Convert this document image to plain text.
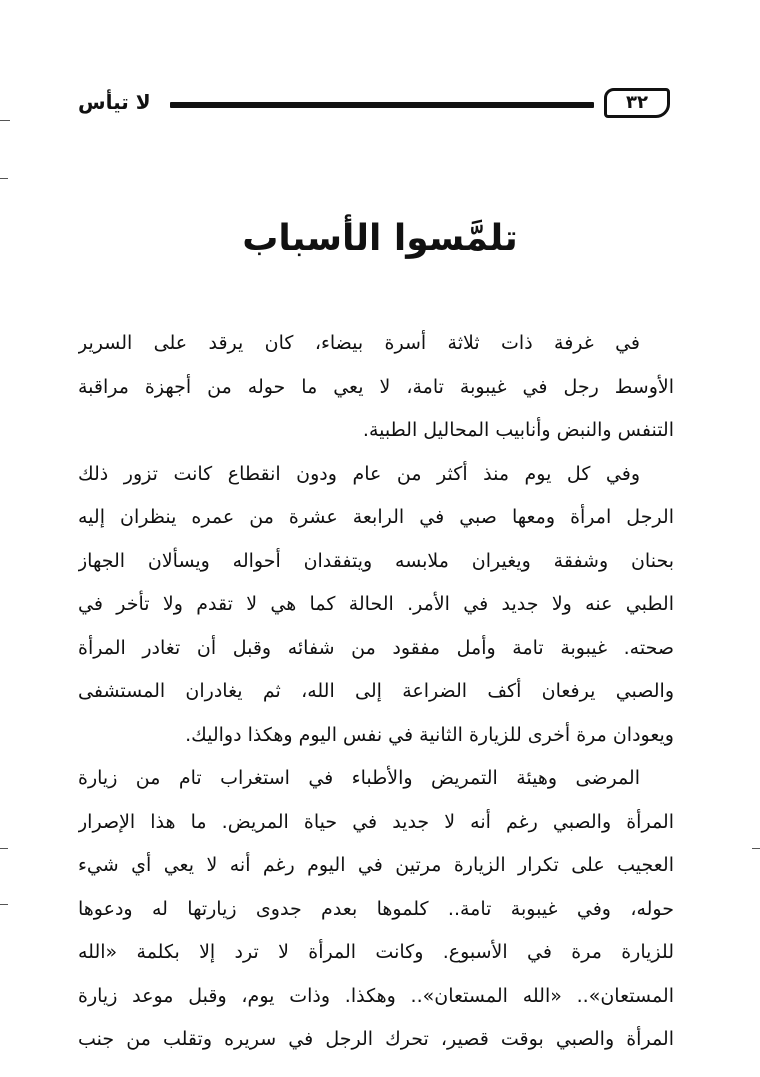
لا تيأس	٣٢
تلمَّسوا الأسباب
في غرفة ذات ثلاثة أسرة بيضاء، كان يرقد على السرير
الأوسط رجل في غيبوبة تامة، لا يعي ما حوله من أجهزة مراقبة
التنفس والنبض وأنابيب المحاليل الطبية.
وفي كل يوم منذ أكثر من عام ودون انقطاع كانت تزور ذلك
الرجل امرأة ومعها صبي في الرابعة عشرة من عمره ينظران إليه
بحنان وشفقة ويغيران ملابسه ويتفقدان أحواله ويسألان الجهاز
الطبي عنه ولا جديد في الأمر. الحالة كما هي لا تقدم ولا تأخر في
صحته. غيبوبة تامة وأمل مفقود من شفائه وقبل أن تغادر المرأة
والصبي يرفعان أكف الضراعة إلى الله، ثم يغادران المستشفى
ويعودان مرة أخرى للزيارة الثانية في نفس اليوم وهكذا دواليك.
المرضى وهيئة التمريض والأطباء في استغراب تام من زيارة
المرأة والصبي رغم أنه لا جديد في حياة المريض. ما هذا الإصرار
العجيب على تكرار الزيارة مرتين في اليوم رغم أنه لا يعي أي شيء
حوله، وفي غيبوبة تامة.. كلموها بعدم جدوى زيارتها له ودعوها
للزيارة مرة في الأسبوع. وكانت المرأة لا ترد إلا بكلمة «الله
المستعان».. «الله المستعان».. وهكذا. وذات يوم، وقبل موعد زيارة
المرأة والصبي بوقت قصير، تحرك الرجل في سريره وتقلب من جنب
